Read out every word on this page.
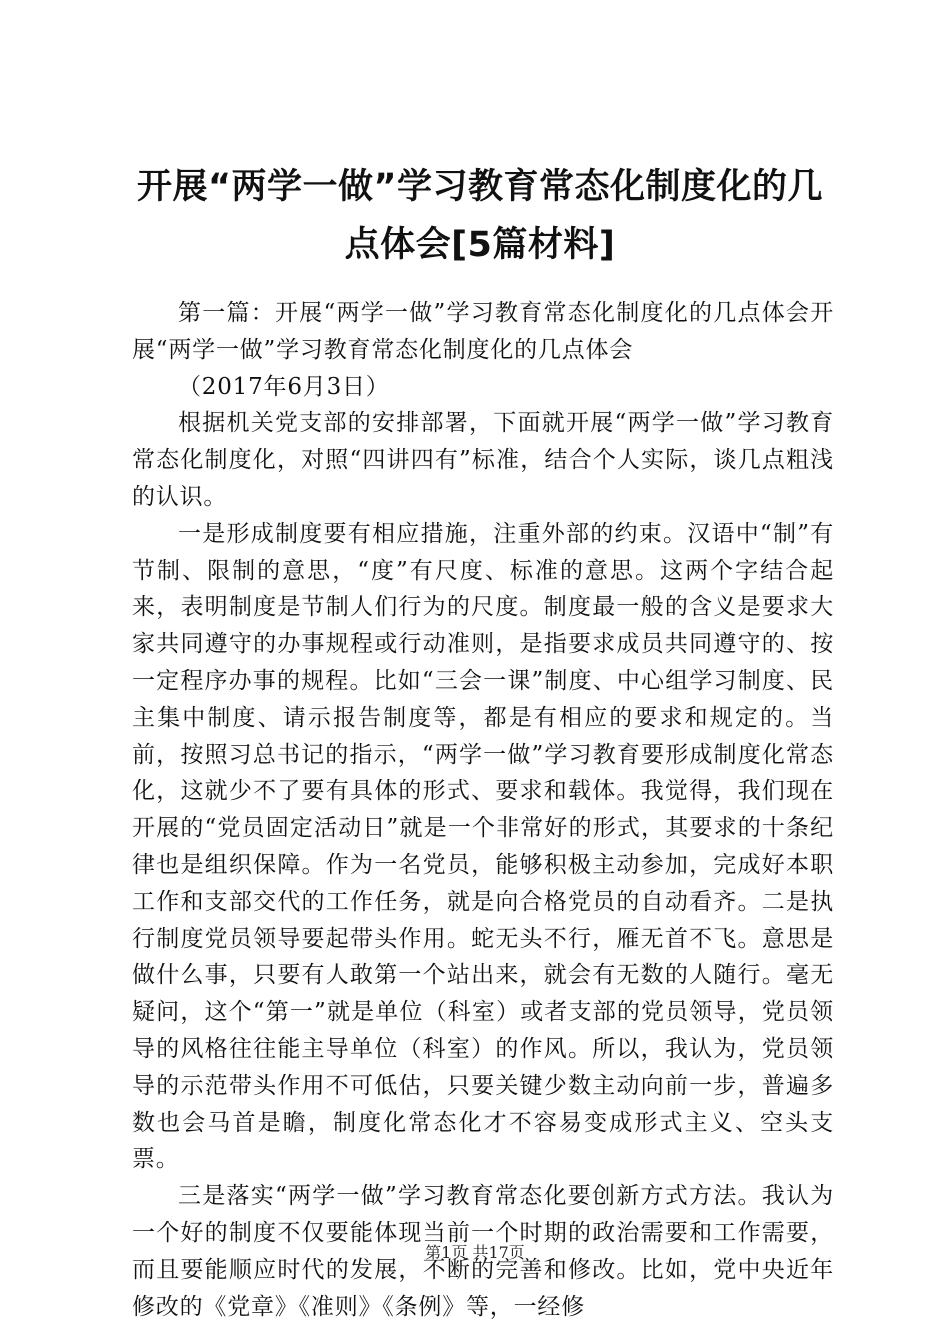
开展“两学一做”学习教育常态化制度化的几
点体会[5篇材料]

第一篇：开展“两学一做”学习教育常态化制度化的几点体会开展“两学一做”学习教育常态化制度化的几点体会

（2017年6月3日）

根据机关党支部的安排部署，下面就开展“两学一做”学习教育常态化制度化，对照“四讲四有”标准，结合个人实际，谈几点粗浅的认识。

一是形成制度要有相应措施，注重外部的约束。汉语中“制”有节制、限制的意思，“度”有尺度、标准的意思。这两个字结合起来，表明制度是节制人们行为的尺度。制度最一般的含义是要求大家共同遵守的办事规程或行动准则，是指要求成员共同遵守的、按一定程序办事的规程。比如“三会一课”制度、中心组学习制度、民主集中制度、请示报告制度等，都是有相应的要求和规定的。当前，按照习总书记的指示，“两学一做”学习教育要形成制度化常态化，这就少不了要有具体的形式、要求和载体。我觉得，我们现在开展的“党员固定活动日”就是一个非常好的形式，其要求的十条纪律也是组织保障。作为一名党员，能够积极主动参加，完成好本职工作和支部交代的工作任务，就是向合格党员的自动看齐。二是执行制度党员领导要起带头作用。蛇无头不行，雁无首不飞。意思是做什么事，只要有人敢第一个站出来，就会有无数的人随行。毫无疑问，这个“第一”就是单位（科室）或者支部的党员领导，党员领导的风格往往能主导单位（科室）的作风。所以，我认为，党员领导的示范带头作用不可低估，只要关键少数主动向前一步，普遍多数也会马首是瞻，制度化常态化才不容易变成形式主义、空头支票。

三是落实“两学一做”学习教育常态化要创新方式方法。我认为一个好的制度不仅要能体现当前一个时期的政治需要和工作需要，而且要能顺应时代的发展，不断的完善和修改。比如，党中央近年修改的《党章》《准则》《条例》等，一经修

第1页 共17页
